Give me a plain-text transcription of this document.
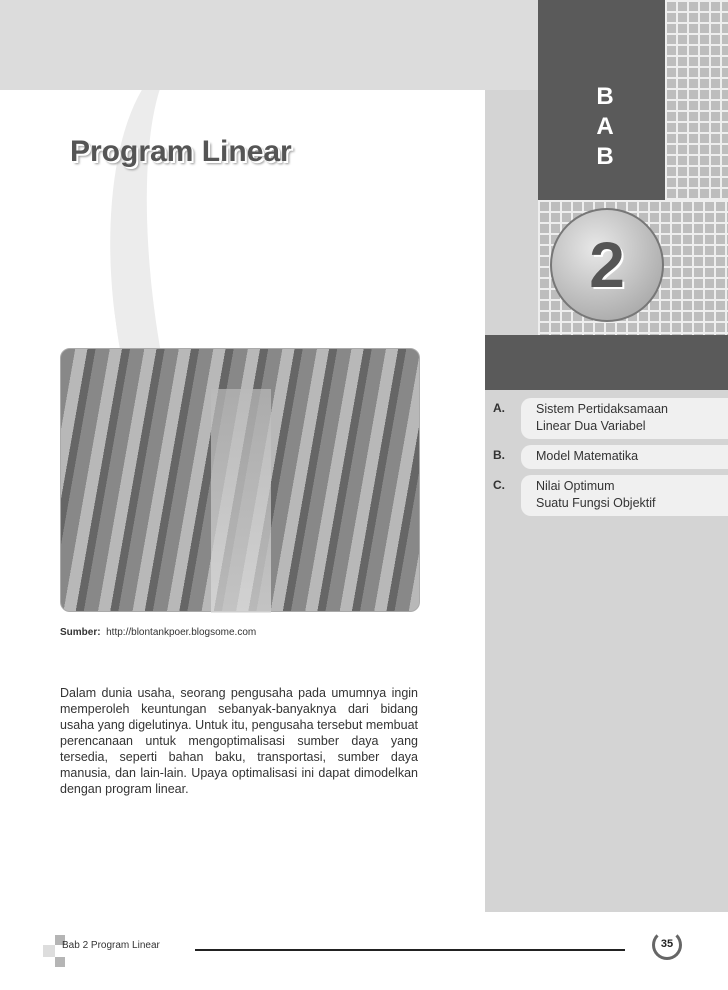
B
A
B
2
Program Linear
Sumber: http://blontankpoer.blogsome.com
Dalam dunia usaha, seorang pengusaha pada umumnya ingin memperoleh keuntungan sebanyak-banyaknya dari bidang usaha yang digelutinya. Untuk itu, pengusaha tersebut membuat perencanaan untuk mengoptimalisasi sumber daya yang tersedia, seperti bahan baku, transportasi, sumber daya manusia, dan lain-lain. Upaya optimalisasi ini dapat dimodelkan dengan program linear.
A.	Sistem Pertidaksamaan
Linear Dua Variabel
B.	Model Matematika
C.	Nilai Optimum
Suatu Fungsi Objektif
Bab 2 Program Linear	35
